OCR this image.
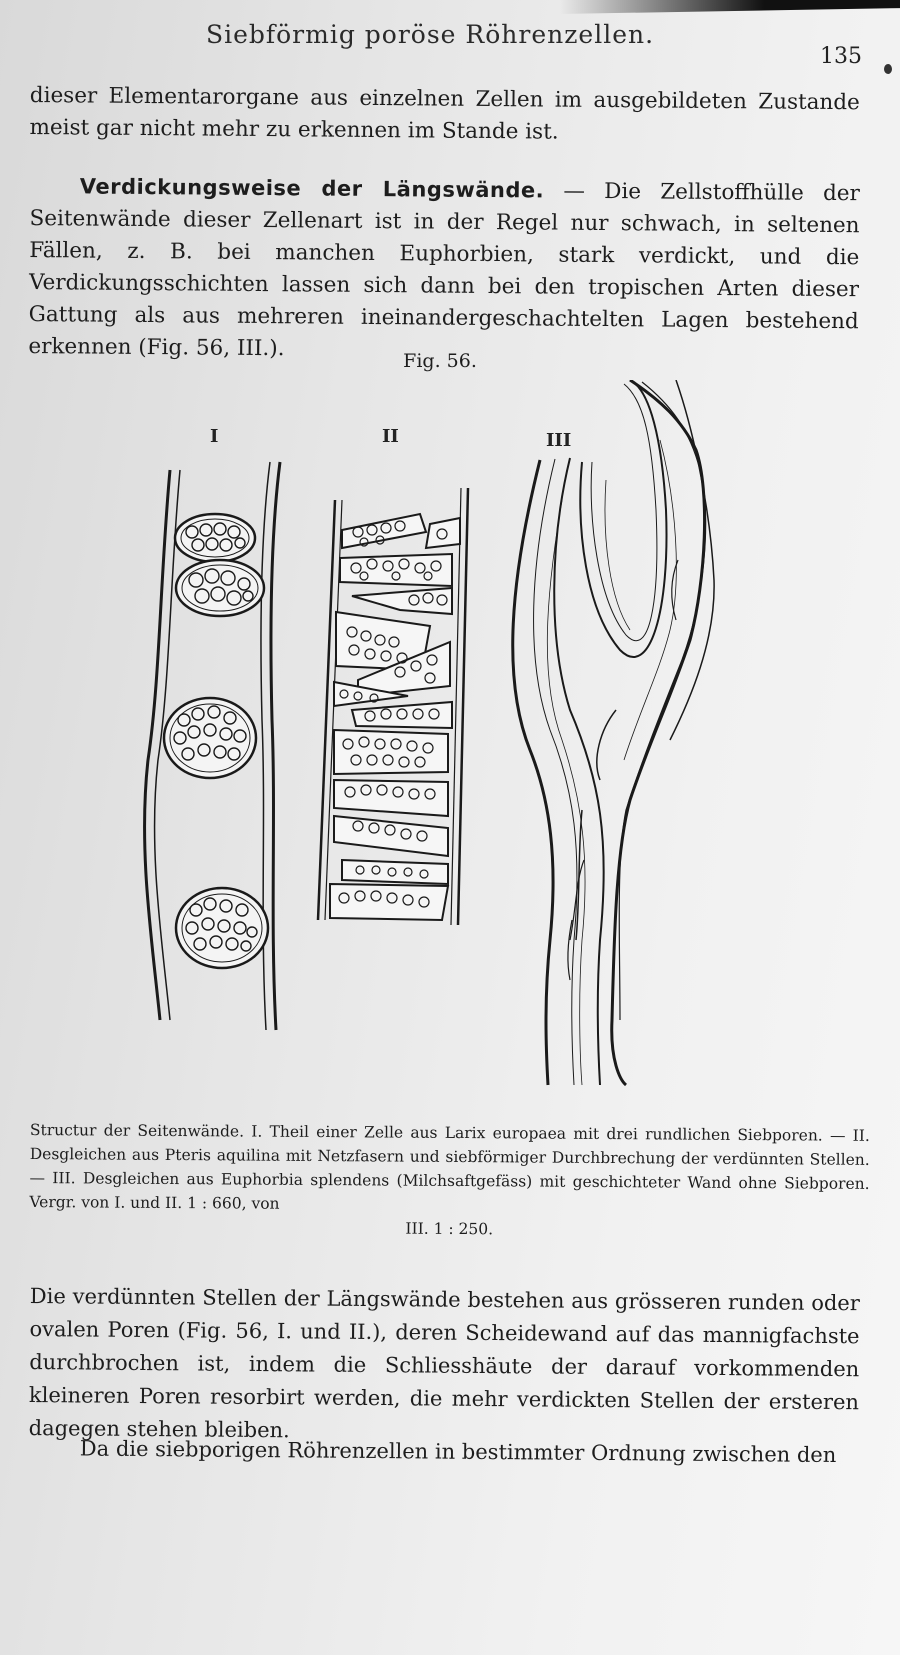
Siebförmig poröse Röhrenzellen.
135
dieser Elementarorgane aus einzelnen Zellen im ausgebildeten Zustande meist gar nicht mehr zu erkennen im Stande ist.
Verdickungsweise der Längswände. — Die Zellstoffhülle der Seitenwände dieser Zellenart ist in der Regel nur schwach, in seltenen Fällen, z. B. bei manchen Euphorbien, stark verdickt, und die Verdickungsschichten lassen sich dann bei den tropischen Arten dieser Gattung als aus mehreren ineinandergeschachtelten Lagen bestehend erkennen (Fig. 56, III.).	Fig. 56.
I	II	III
Structur der Seitenwände. I. Theil einer Zelle aus Larix europaea mit drei rundlichen Siebporen. — II. Desgleichen aus Pteris aquilina mit Netzfasern und siebförmiger Durchbrechung der verdünnten Stellen. — III. Desgleichen aus Euphorbia splendens (Milchsaftgefäss) mit geschichteter Wand ohne Siebporen. Vergr. von I. und II. 1 : 660, von
III. 1 : 250.
Die verdünnten Stellen der Längswände bestehen aus grösseren runden oder ovalen Poren (Fig. 56, I. und II.), deren Scheidewand auf das mannigfachste durchbrochen ist, indem die Schliesshäute der darauf vorkommenden kleineren Poren resorbirt werden, die mehr verdickten Stellen der ersteren dagegen stehen bleiben.
Da die siebporigen Röhrenzellen in bestimmter Ordnung zwischen den
